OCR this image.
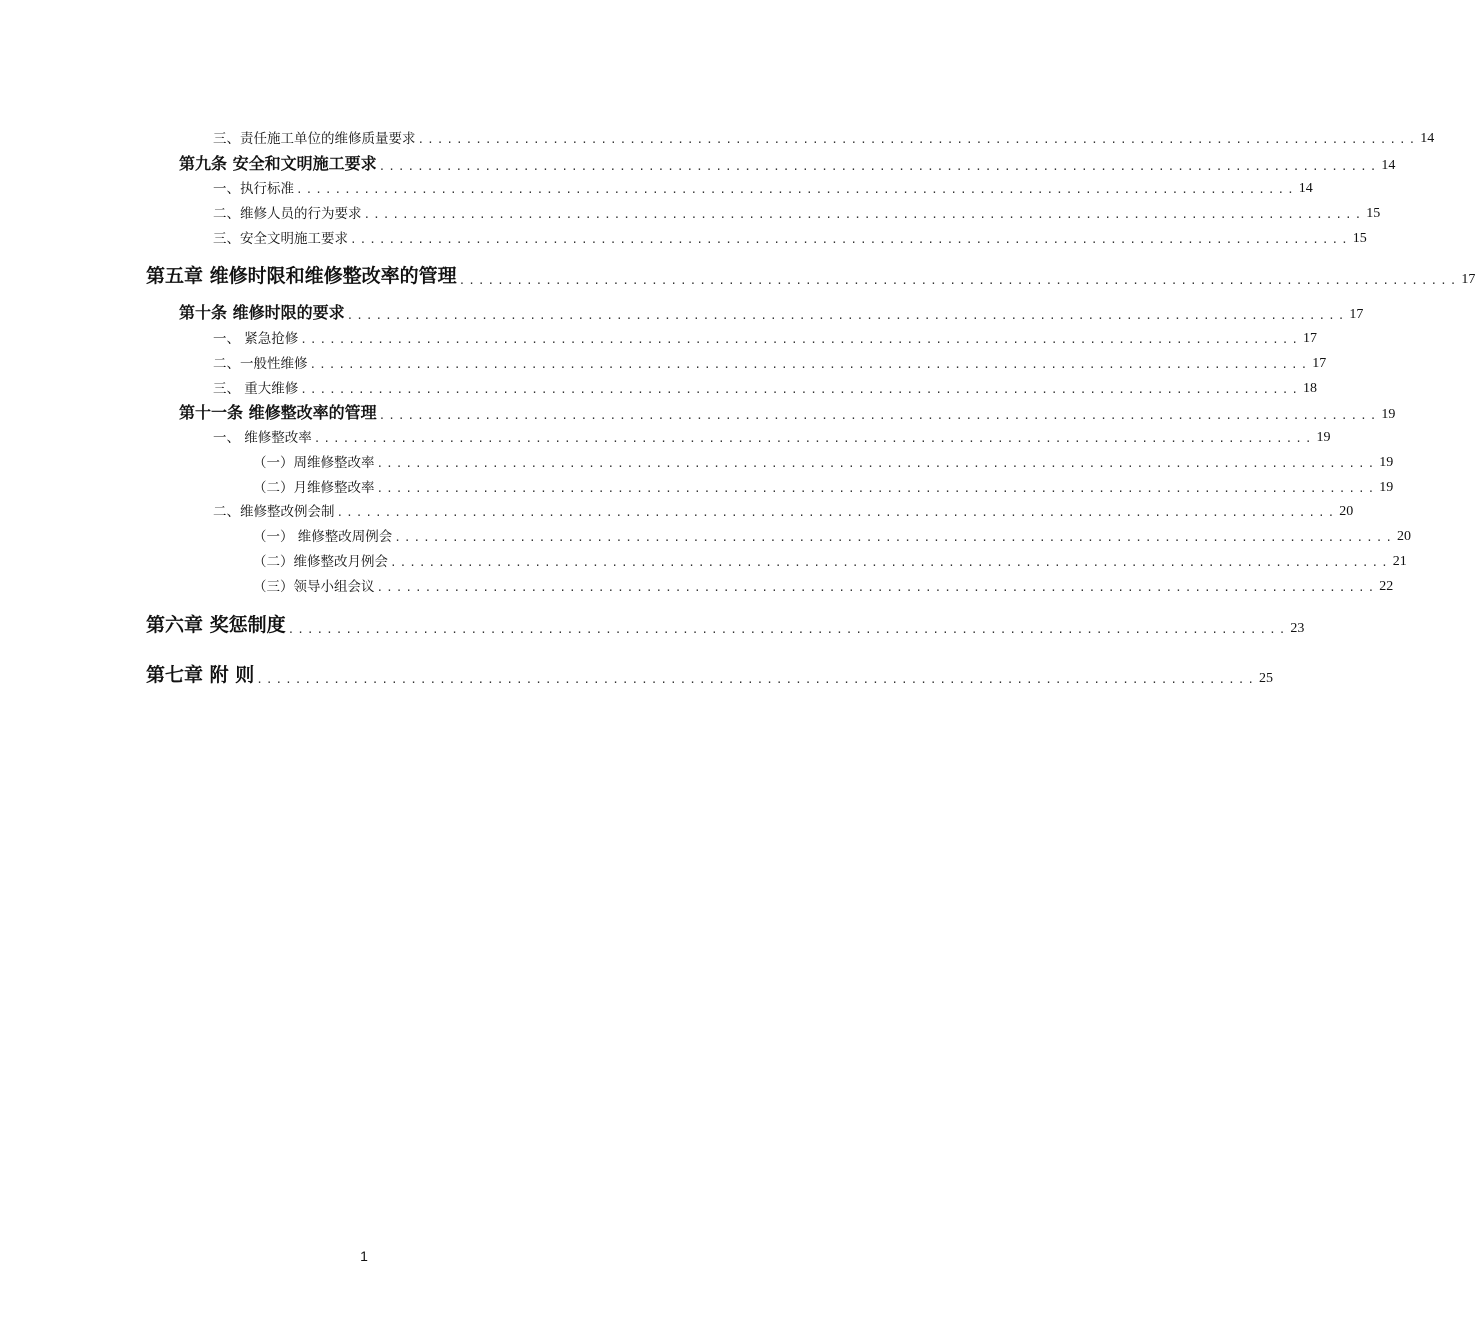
三、责任施工单位的维修质量要求 ........................................................................................................ 14
第九条 安全和文明施工要求 ........................................................................................................ 14
一、执行标准 ........................................................................................................ 14
二、维修人员的行为要求 ........................................................................................................ 15
三、安全文明施工要求 ........................................................................................................ 15
第五章 维修时限和维修整改率的管理 ........................................................................................................ 17
第十条 维修时限的要求 ........................................................................................................ 17
一、 紧急抢修 ........................................................................................................ 17
二、一般性维修 ........................................................................................................ 17
三、 重大维修 ........................................................................................................ 18
第十一条 维修整改率的管理 ........................................................................................................ 19
一、 维修整改率 ........................................................................................................ 19
（一）周维修整改率 ........................................................................................................ 19
（二）月维修整改率 ........................................................................................................ 19
二、维修整改例会制 ........................................................................................................ 20
（一） 维修整改周例会 ........................................................................................................ 20
（二）维修整改月例会 ........................................................................................................ 21
（三）领导小组会议 ........................................................................................................ 22
第六章 奖惩制度 ........................................................................................................ 23
第七章 附 则 ........................................................................................................ 25
1
